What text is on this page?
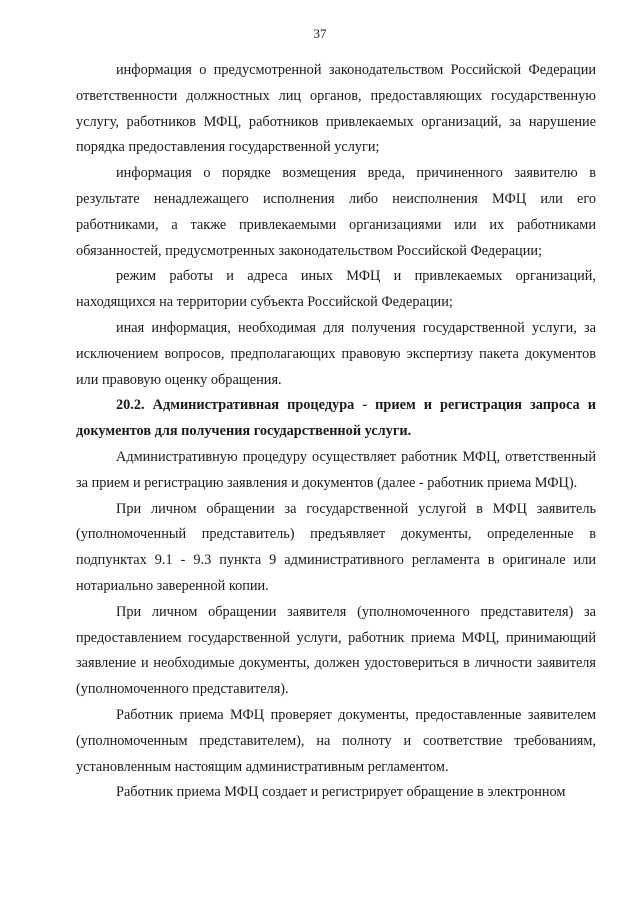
37

информация о предусмотренной законодательством Российской Федерации ответственности должностных лиц органов, предоставляющих государственную услугу, работников МФЦ, работников привлекаемых организаций, за нарушение порядка предоставления государственной услуги;

информация о порядке возмещения вреда, причиненного заявителю в результате ненадлежащего исполнения либо неисполнения МФЦ или его работниками, а также привлекаемыми организациями или их работниками обязанностей, предусмотренных законодательством Российской Федерации;

режим работы и адреса иных МФЦ и привлекаемых организаций, находящихся на территории субъекта Российской Федерации;

иная информация, необходимая для получения государственной услуги, за исключением вопросов, предполагающих правовую экспертизу пакета документов или правовую оценку обращения.

20.2. Административная процедура - прием и регистрация запроса и документов для получения государственной услуги.

Административную процедуру осуществляет работник МФЦ, ответственный за прием и регистрацию заявления и документов (далее - работник приема МФЦ).

При личном обращении за государственной услугой в МФЦ заявитель (уполномоченный представитель) предъявляет документы, определенные в подпунктах 9.1 - 9.3 пункта 9 административного регламента в оригинале или нотариально заверенной копии.

При личном обращении заявителя (уполномоченного представителя) за предоставлением государственной услуги, работник приема МФЦ, принимающий заявление и необходимые документы, должен удостовериться в личности заявителя (уполномоченного представителя).

Работник приема МФЦ проверяет документы, предоставленные заявителем (уполномоченным представителем), на полноту и соответствие требованиям, установленным настоящим административным регламентом.

Работник приема МФЦ создает и регистрирует обращение в электронном
